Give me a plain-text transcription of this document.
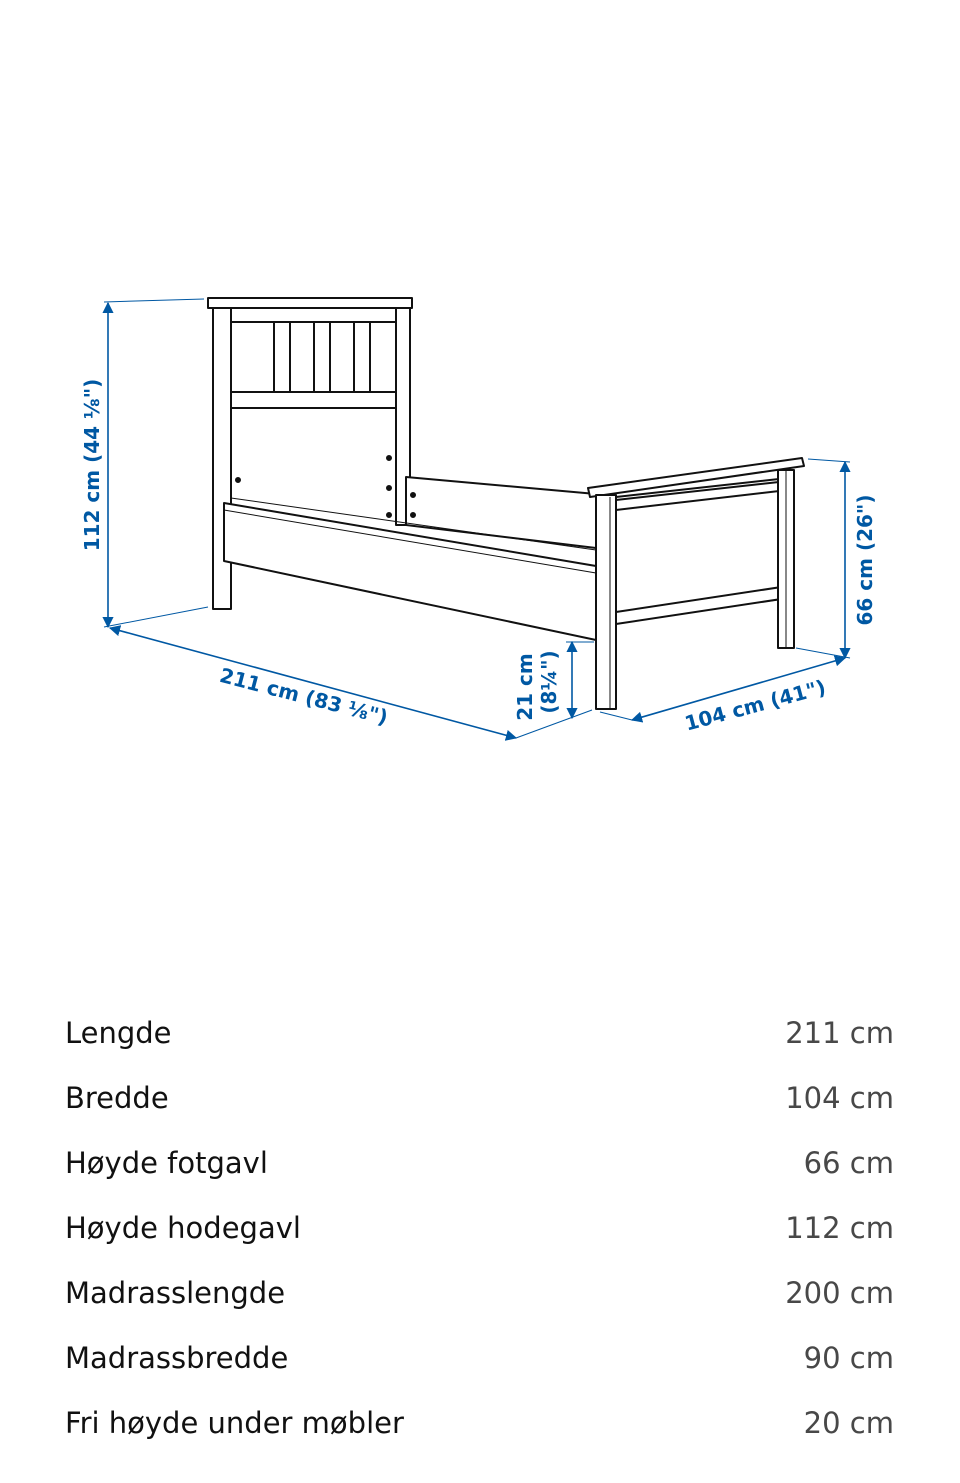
112 cm (44 ⅛")
211 cm (83 ⅛")	21 cm (8¼")	104 cm (41")
66 cm (26")
Lengde	211 cm
Bredde	104 cm
Høyde fotgavl	66 cm
Høyde hodegavl	112 cm
Madrasslengde	200 cm
Madrassbredde	90 cm
Fri høyde under møbler	20 cm
